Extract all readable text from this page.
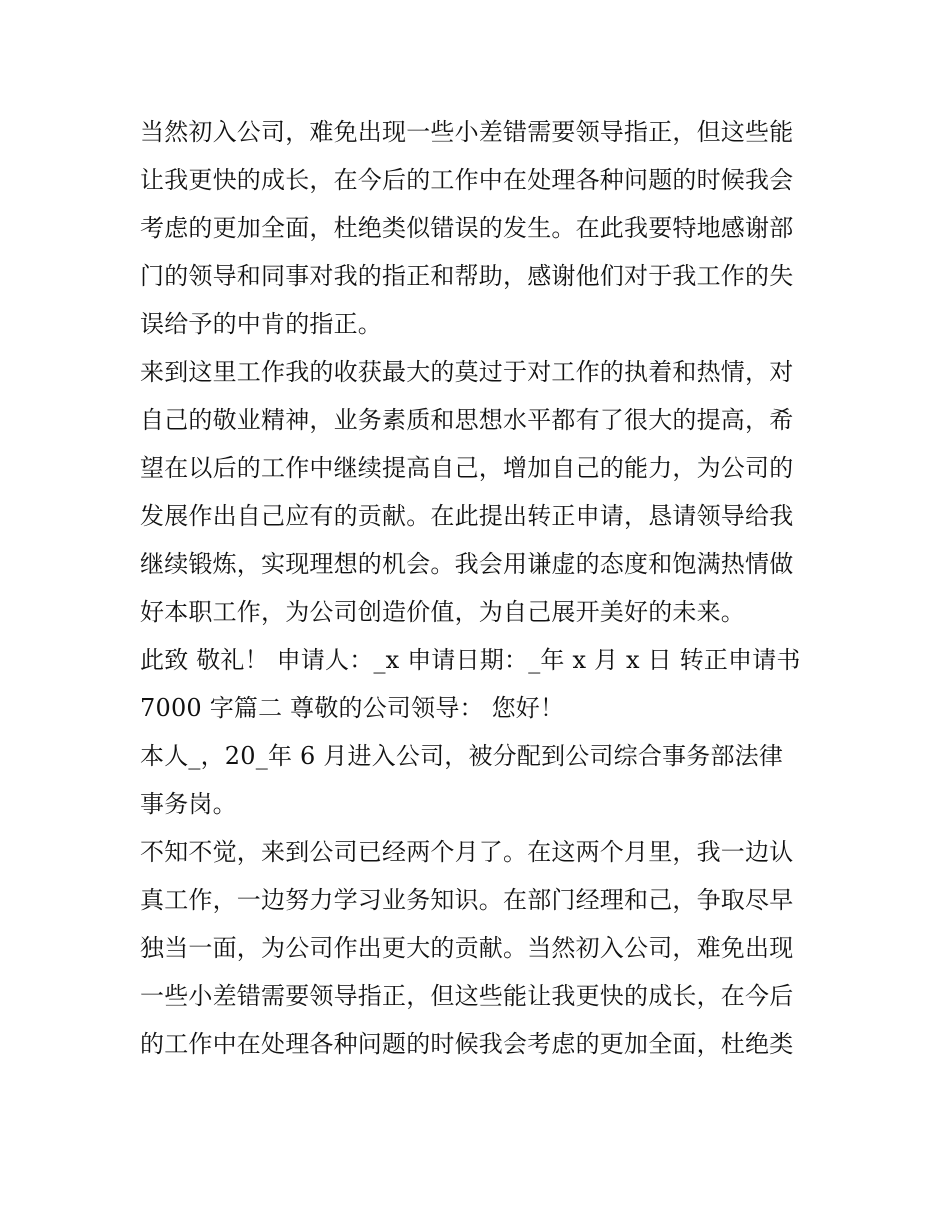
当然初入公司，难免出现一些小差错需要领导指正，但这些能
让我更快的成长，在今后的工作中在处理各种问题的时候我会
考虑的更加全面，杜绝类似错误的发生。在此我要特地感谢部
门的领导和同事对我的指正和帮助，感谢他们对于我工作的失
误给予的中肯的指正。
来到这里工作我的收获最大的莫过于对工作的执着和热情，对
自己的敬业精神，业务素质和思想水平都有了很大的提高，希
望在以后的工作中继续提高自己，增加自己的能力，为公司的
发展作出自己应有的贡献。在此提出转正申请，恳请领导给我
继续锻炼，实现理想的机会。我会用谦虚的态度和饱满热情做
好本职工作，为公司创造价值，为自己展开美好的未来。
此致 敬礼！ 申请人：_x 申请日期：_年 x 月 x 日 转正申请书
7000 字篇二 尊敬的公司领导： 您好！
本人_，20_年 6 月进入公司，被分配到公司综合事务部法律
事务岗。
不知不觉，来到公司已经两个月了。在这两个月里，我一边认
真工作，一边努力学习业务知识。在部门经理和己，争取尽早
独当一面，为公司作出更大的贡献。当然初入公司，难免出现
一些小差错需要领导指正，但这些能让我更快的成长，在今后
的工作中在处理各种问题的时候我会考虑的更加全面，杜绝类
